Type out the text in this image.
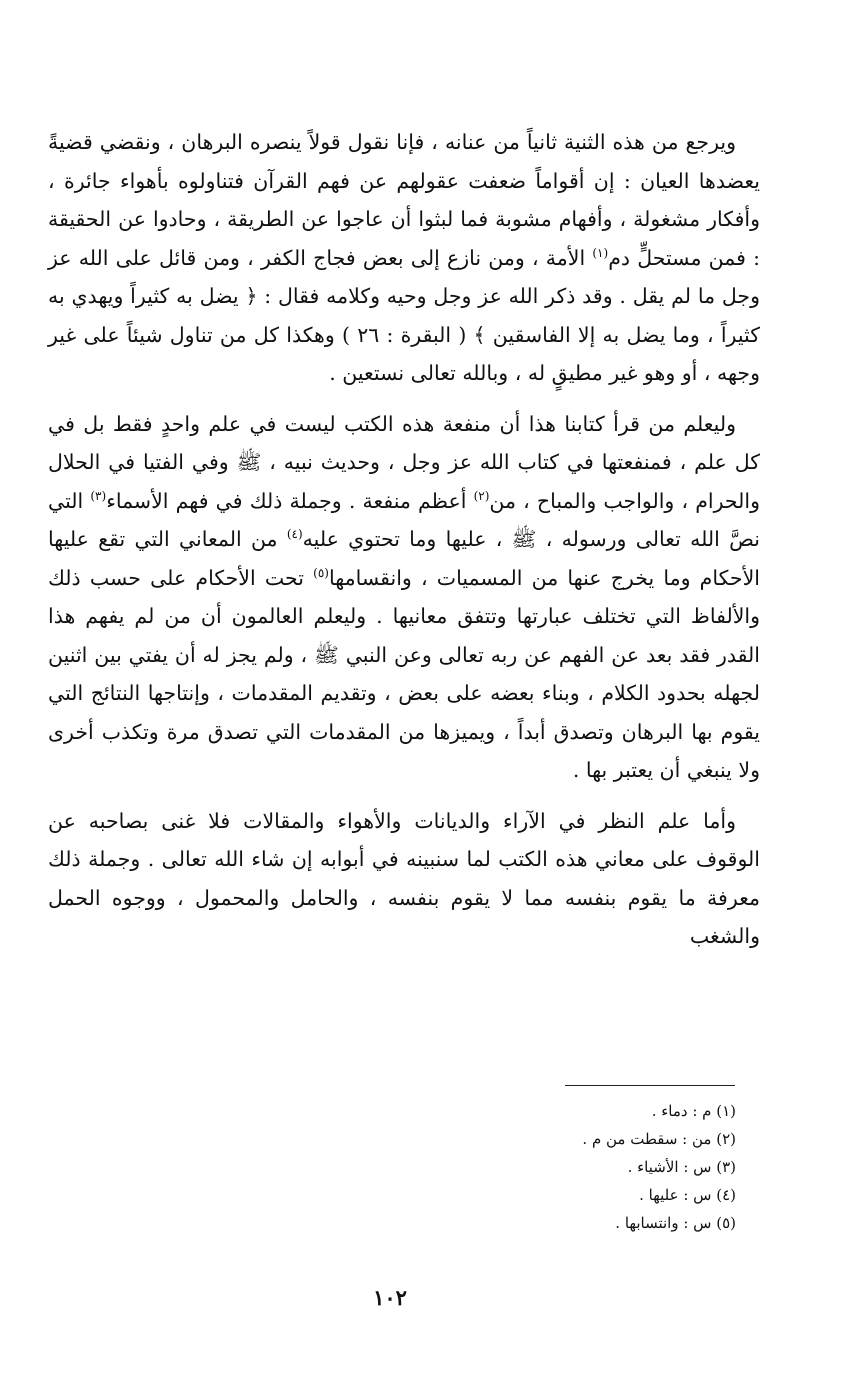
ويرجع من هذه الثنية ثانياً من عنانه ، فإنا نقول قولاً ينصره البرهان ، ونقضي قضيةً يعضدها العيان : إن أقواماً ضعفت عقولهم عن فهم القرآن فتناولوه بأهواء جائرة ، وأفكار مشغولة ، وأفهام مشوبة فما لبثوا أن عاجوا عن الطريقة ، وحادوا عن الحقيقة : فمن مستحلٍّ دم$^{(١)}$ الأمة ، ومن نازع إلى بعض فجاج الكفر ، ومن قائل على الله عز وجل ما لم يقل . وقد ذكر الله عز وجل وحيه وكلامه فقال : ﴿ يضل به كثيراً ويهدي به كثيراً ، وما يضل به إلا الفاسقين ﴾ ( البقرة : ٢٦ ) وهكذا كل من تناول شيئاً على غير وجهه ، أو وهو غير مطيقٍ له ، وبالله تعالى نستعين .

وليعلم من قرأ كتابنا هذا أن منفعة هذه الكتب ليست في علم واحدٍ فقط بل في كل علم ، فمنفعتها في كتاب الله عز وجل ، وحديث نبيه ، ﷺ وفي الفتيا في الحلال والحرام ، والواجب والمباح ، من$^{(٢)}$ أعظم منفعة . وجملة ذلك في فهم الأسماء$^{(٣)}$ التي نصَّ الله تعالى ورسوله ، ﷺ ، عليها وما تحتوي عليه$^{(٤)}$ من المعاني التي تقع عليها الأحكام وما يخرج عنها من المسميات ، وانقسامها$^{(٥)}$ تحت الأحكام على حسب ذلك والألفاظ التي تختلف عبارتها وتتفق معانيها . وليعلم العالمون أن من لم يفهم هذا القدر فقد بعد عن الفهم عن ربه تعالى وعن النبي ﷺ ، ولم يجز له أن يفتي بين اثنين لجهله بحدود الكلام ، وبناء بعضه على بعض ، وتقديم المقدمات ، وإنتاجها النتائج التي يقوم بها البرهان وتصدق أبداً ، ويميزها من المقدمات التي تصدق مرة وتكذب أخرى ولا ينبغي أن يعتبر بها .

وأما علم النظر في الآراء والديانات والأهواء والمقالات فلا غنى بصاحبه عن الوقوف على معاني هذه الكتب لما سنبينه في أبوابه إن شاء الله تعالى . وجملة ذلك معرفة ما يقوم بنفسه مما لا يقوم بنفسه ، والحامل والمحمول ، ووجوه الحمل والشغب

(١) م : دماء .

(٢) من : سقطت من م .

(٣) س : الأشياء .

(٤) س : عليها .

(٥) س : وانتسابها .

١٠٢
